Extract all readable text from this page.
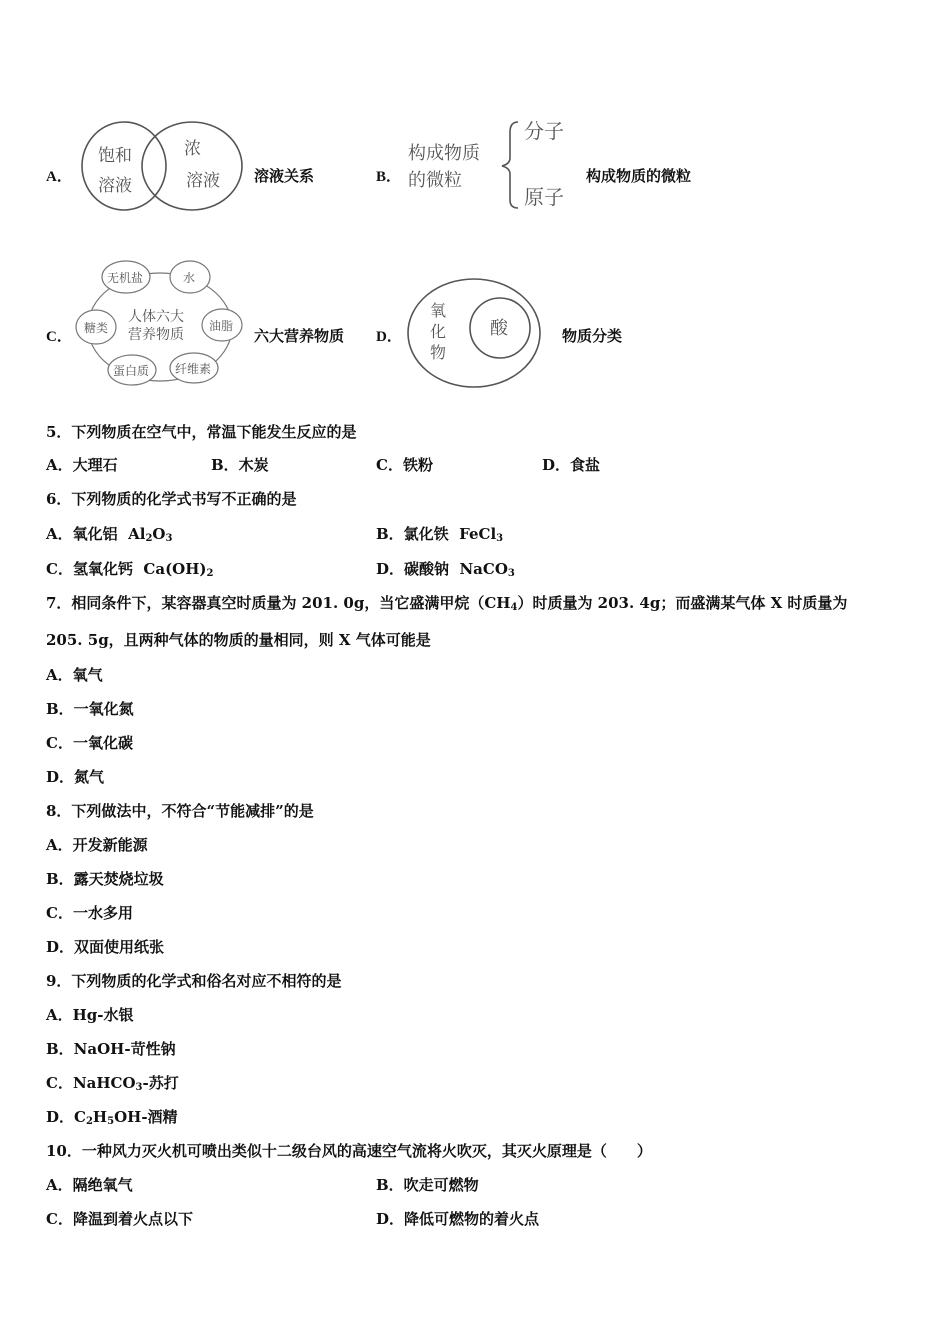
A．
饱和
溶液
浓
溶液 溶液关系	B．
构成物质
的微粒
分子
原子
构成物质的微粒
C．
人体六大
营养物质
无机盐	水
糖类	油脂
蛋白质 纤维素
六大营养物质 D．
氧
化
物
酸	物质分类
5．下列物质在空气中，常温下能发生反应的是
A．大理石	B．木炭	C．铁粉	D．食盐
6．下列物质的化学式书写不正确的是
A．氧化铝 $Al_2O_3$	B．氯化铁 FeCl$_3$
C．氢氧化钙 $Ca(OH)_2$	D．碳酸钠 NaCO$_3$
7．相同条件下，某容器真空时质量为 201. 0g，当它盛满甲烷$(CH_4)$时质量为 203. 4g；而盛满某气体 X 时质量为
205. 5g，且两种气体的物质的量相同，则 X 气体可能是
A．氧气
B．一氧化氮
C．一氧化碳
D．氮气
8．下列做法中，不符合“节能减排”的是
A．开发新能源
B．露天焚烧垃圾
C．一水多用
D．双面使用纸张
9．下列物质的化学式和俗名对应不相符的是
A．Hg-水银
B．NaOH-苛性钠
C．NaHCO$_3$-苏打
D．$C_2H_5OH-$酒精
10．一种风力灭火机可喷出类似十二级台风的高速空气流将火吹灭，其灭火原理是（　　）
A．隔绝氧气	B．吹走可燃物
C．降温到着火点以下	D．降低可燃物的着火点
